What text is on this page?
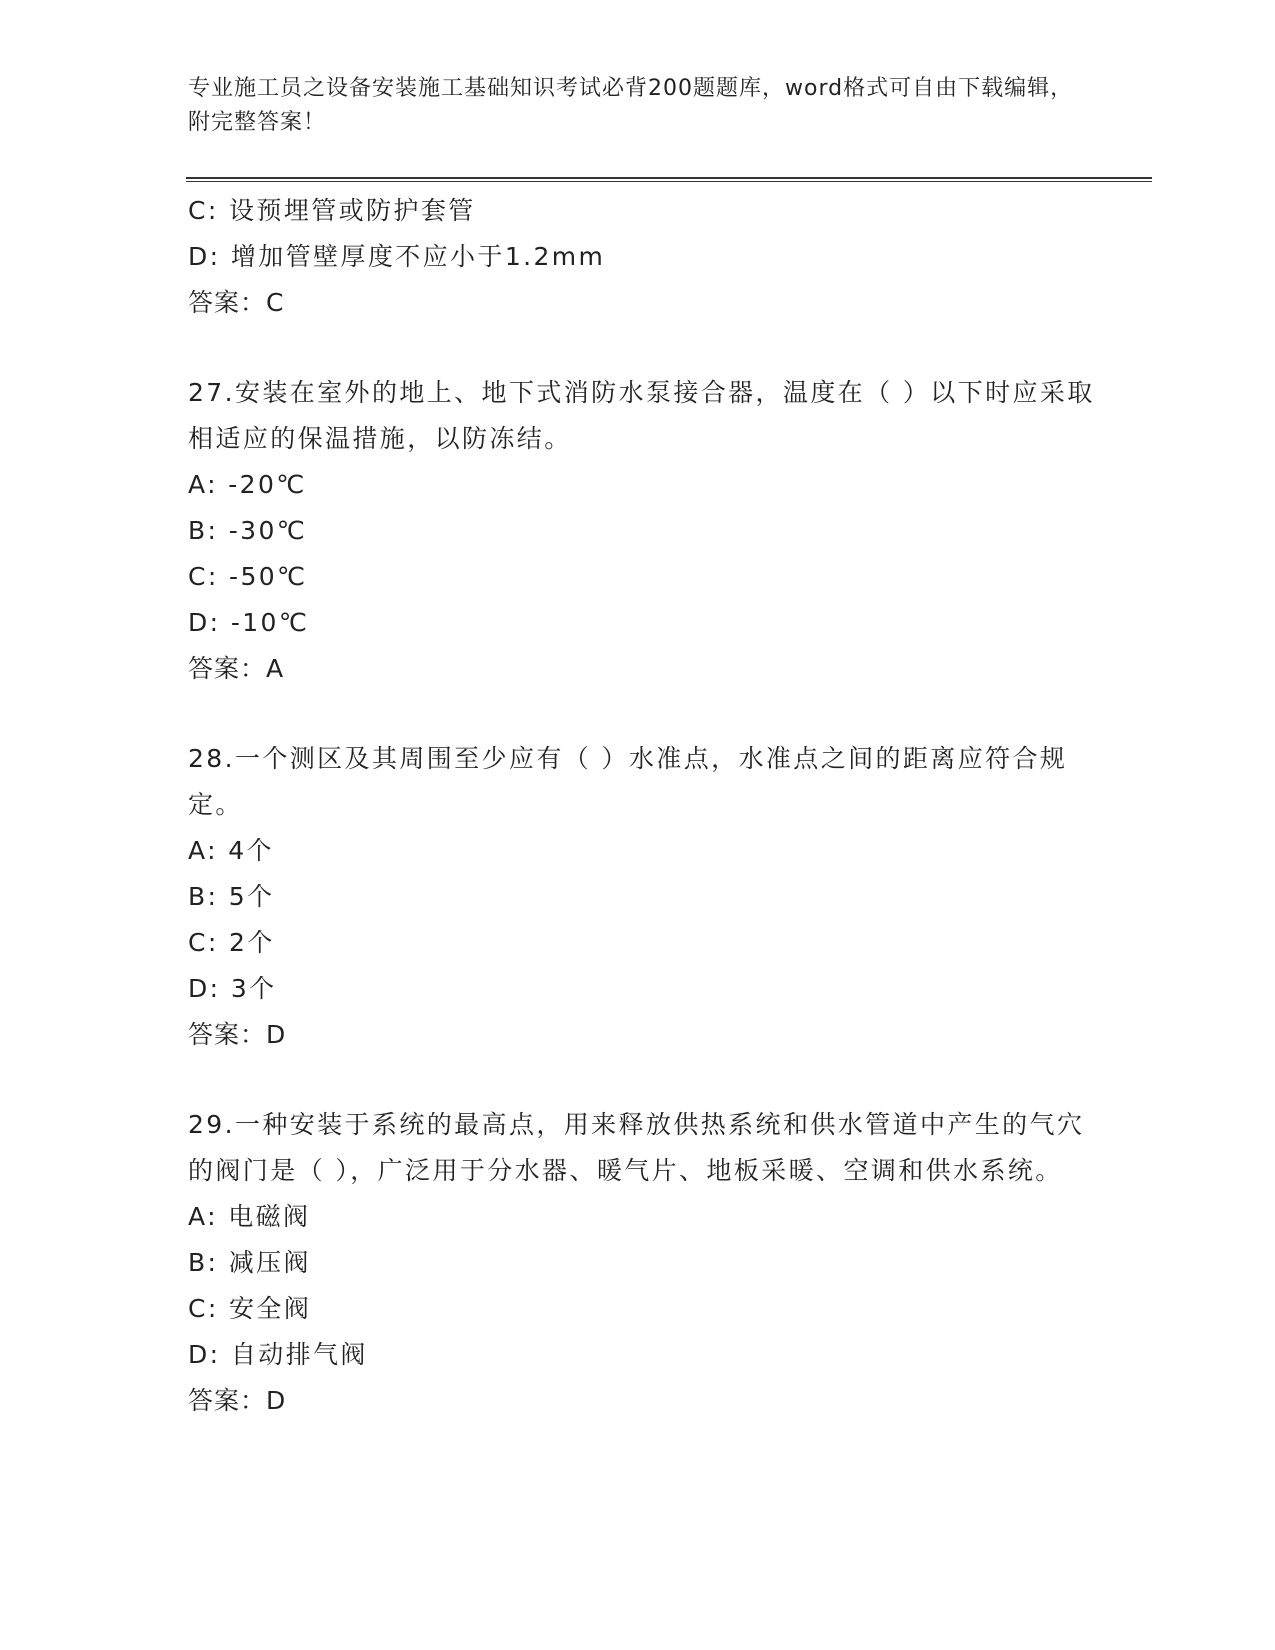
专业施工员之设备安装施工基础知识考试必背200题题库，word格式可自由下载编辑，附完整答案！
C: 设预埋管或防护套管
D: 增加管壁厚度不应小于1.2mm
答案：C
27.安装在室外的地上、地下式消防水泵接合器，温度在（ ）以下时应采取相适应的保温措施，以防冻结。
A: -20℃
B: -30℃
C: -50℃
D: -10℃
答案：A
28.一个测区及其周围至少应有（ ）水准点，水准点之间的距离应符合规定。
A: 4个
B: 5个
C: 2个
D: 3个
答案：D
29.一种安装于系统的最高点，用来释放供热系统和供水管道中产生的气穴的阀门是（ ），广泛用于分水器、暖气片、地板采暖、空调和供水系统。
A: 电磁阀
B: 减压阀
C: 安全阀
D: 自动排气阀
答案：D
